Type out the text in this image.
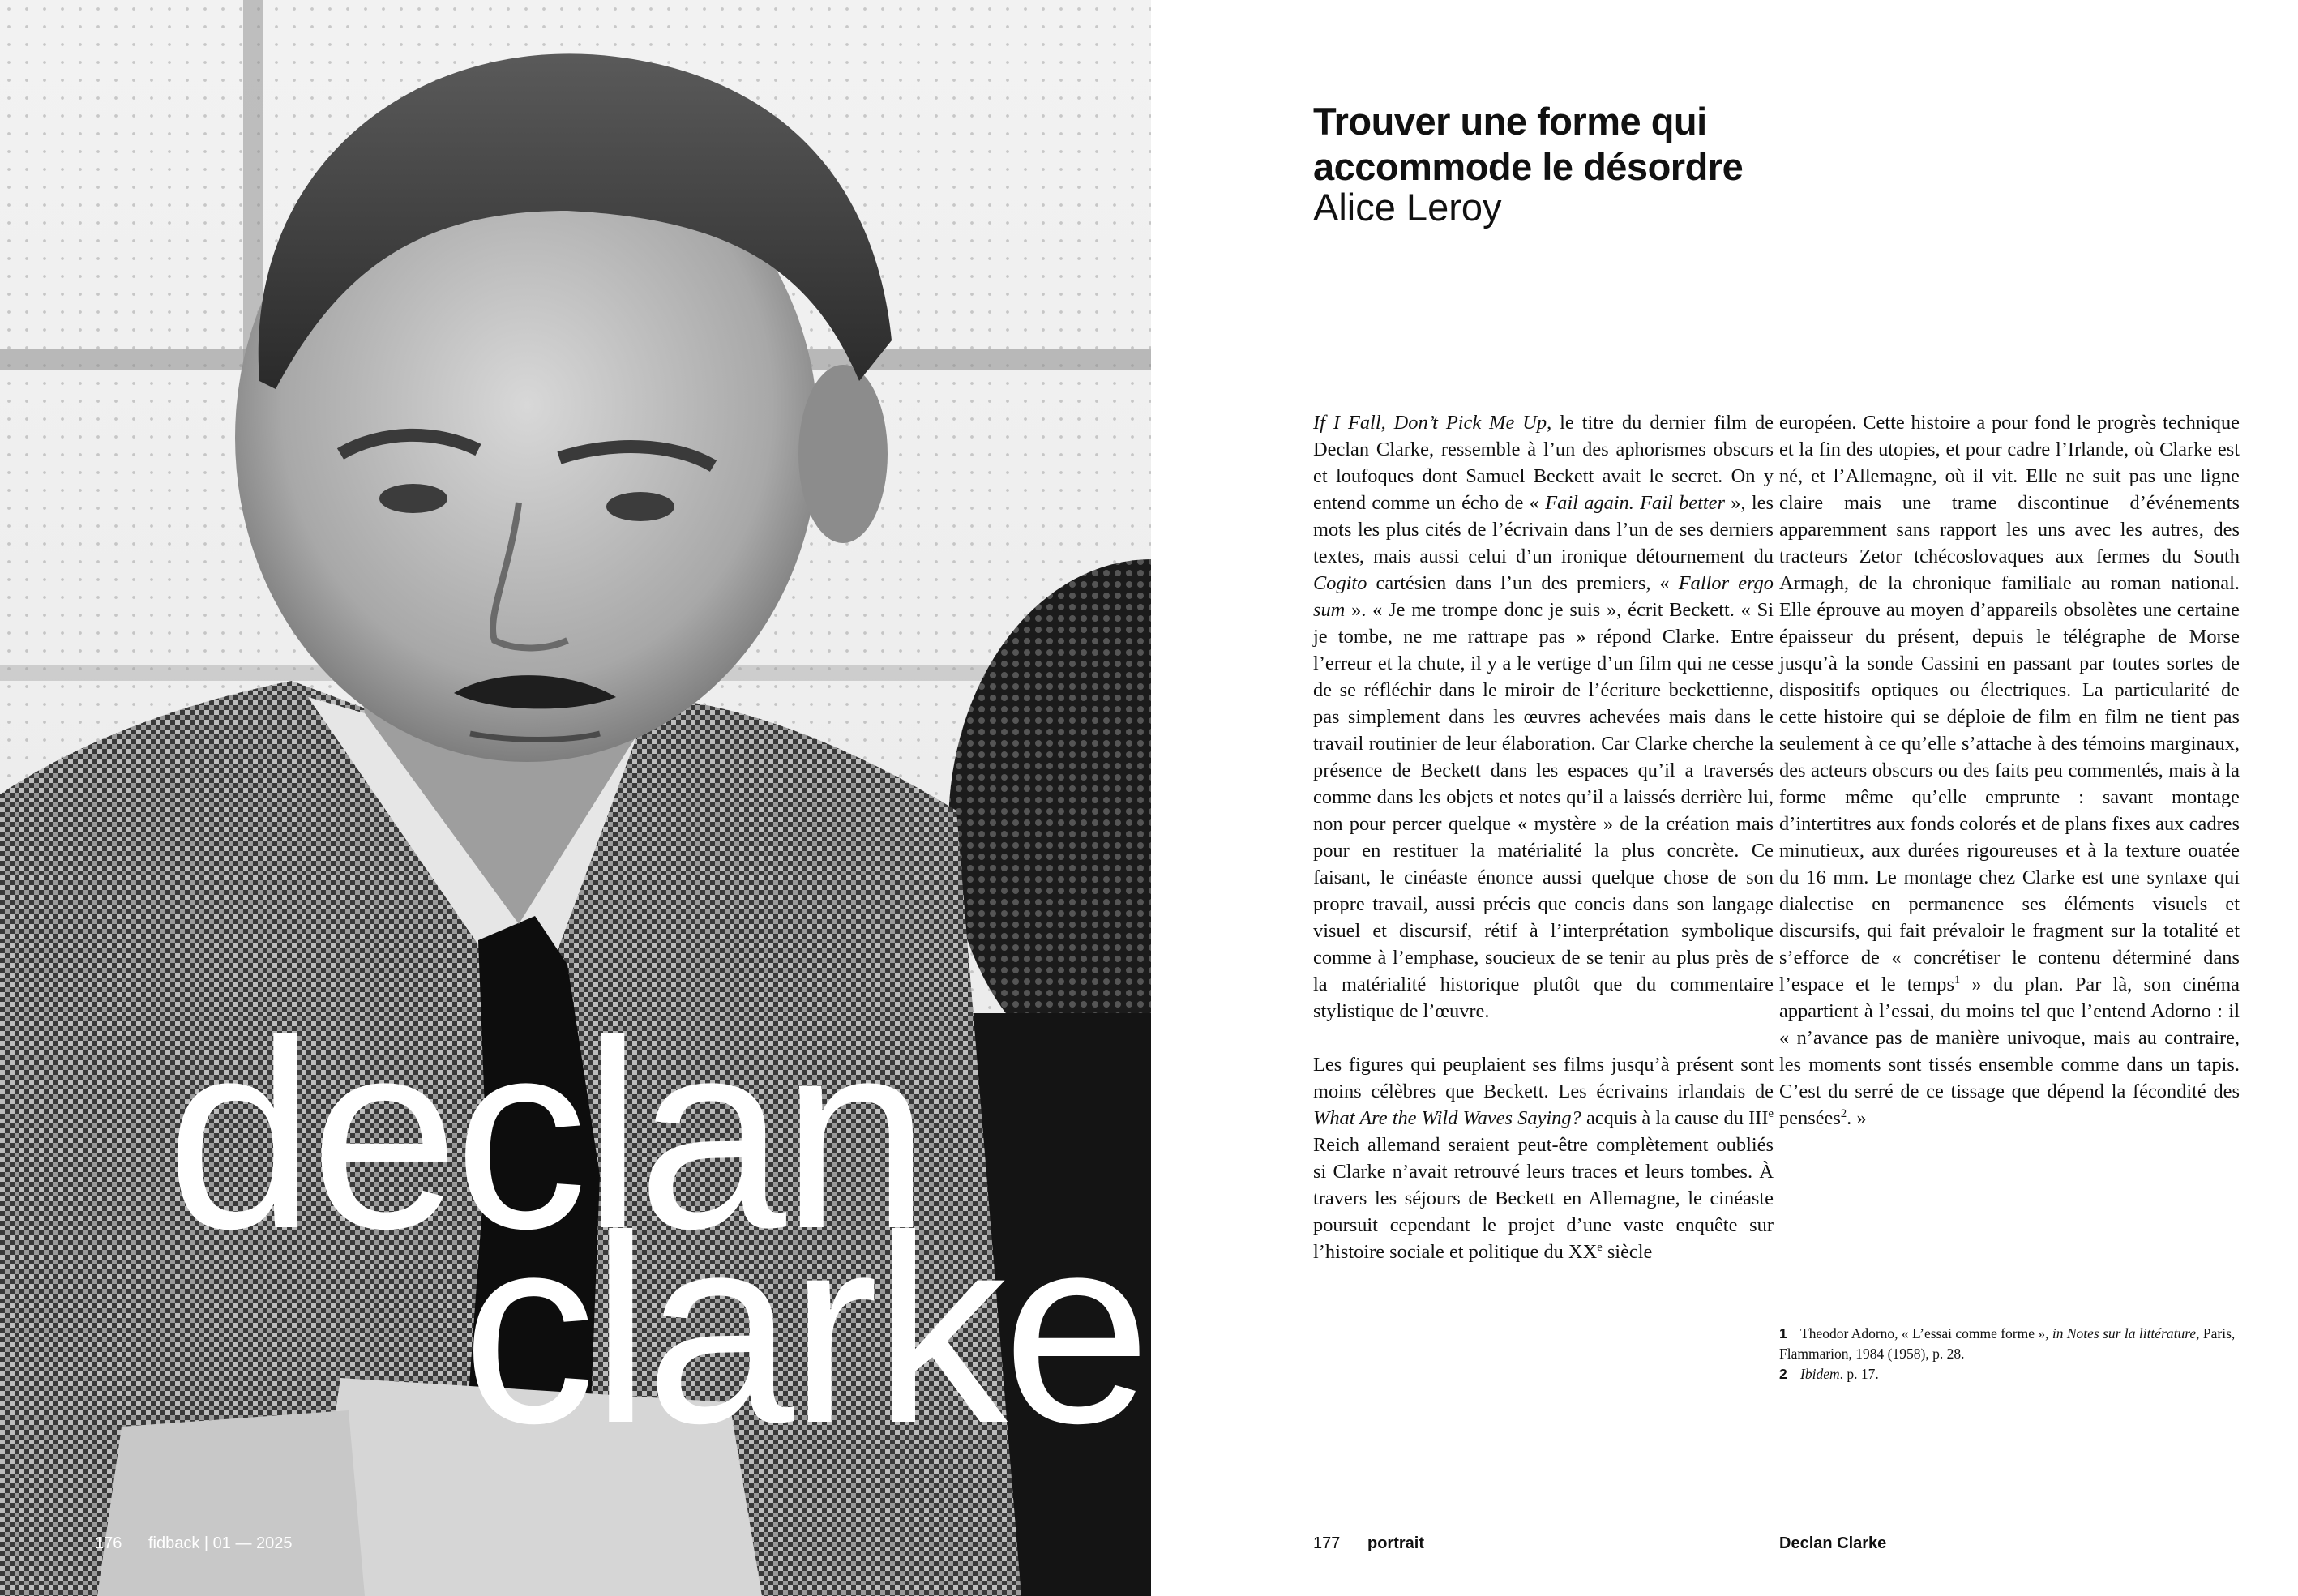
declan

clarke

176 fidback | 01 — 2025
Trouver une forme qui accommode le désordre
Alice Leroy

If I Fall, Don’t Pick Me Up, le titre du dernier film de Declan Clarke, ressemble à l’un des aphorismes obscurs et loufoques dont Samuel Beckett avait le secret. On y entend comme un écho de « Fail again. Fail better », les mots les plus cités de l’écrivain dans l’un de ses derniers textes, mais aussi celui d’un ironique détournement du Cogito cartésien dans l’un des premiers, « Fallor ergo sum ». « Je me trompe donc je suis », écrit Beckett. « Si je tombe, ne me rattrape pas » répond Clarke. Entre l’erreur et la chute, il y a le vertige d’un film qui ne cesse de se réfléchir dans le miroir de l’écriture beckettienne, pas simplement dans les œuvres achevées mais dans le travail routinier de leur élaboration. Car Clarke cherche la présence de Beckett dans les espaces qu’il a traversés comme dans les objets et notes qu’il a laissés derrière lui, non pour percer quelque « mystère » de la création mais pour en restituer la matérialité la plus concrète. Ce faisant, le cinéaste énonce aussi quelque chose de son propre travail, aussi précis que concis dans son langage visuel et discursif, rétif à l’interprétation symbolique comme à l’emphase, soucieux de se tenir au plus près de la matérialité historique plutôt que du commentaire stylistique de l’œuvre.

Les figures qui peuplaient ses films jusqu’à présent sont moins célèbres que Beckett. Les écrivains irlandais de What Are the Wild Waves Saying? acquis à la cause du IIIe Reich allemand seraient peut-être complètement oubliés si Clarke n’avait retrouvé leurs traces et leurs tombes. À travers les séjours de Beckett en Allemagne, le cinéaste poursuit cependant le projet d’une vaste enquête sur l’histoire sociale et politique du XXe siècle

européen. Cette histoire a pour fond le progrès technique et la fin des utopies, et pour cadre l’Irlande, où Clarke est né, et l’Allemagne, où il vit. Elle ne suit pas une ligne claire mais une trame discontinue d’événements apparemment sans rapport les uns avec les autres, des tracteurs Zetor tchécoslovaques aux fermes du South Armagh, de la chronique familiale au roman national. Elle éprouve au moyen d’appareils obsolètes une certaine épaisseur du présent, depuis le télégraphe de Morse jusqu’à la sonde Cassini en passant par toutes sortes de dispositifs optiques ou électriques. La particularité de cette histoire qui se déploie de film en film ne tient pas seulement à ce qu’elle s’attache à des témoins marginaux, des acteurs obscurs ou des faits peu commentés, mais à la forme même qu’elle emprunte : savant montage d’intertitres aux fonds colorés et de plans fixes aux cadres minutieux, aux durées rigoureuses et à la texture ouatée du 16 mm. Le montage chez Clarke est une syntaxe qui dialectise en permanence ses éléments visuels et discursifs, qui fait prévaloir le fragment sur la totalité et s’efforce de « concrétiser le contenu déterminé dans l’espace et le temps$^1$ » du plan. Par là, son cinéma appartient à l’essai, du moins tel que l’entend Adorno : il « n’avance pas de manière univoque, mais au contraire, les moments sont tissés ensemble comme dans un tapis. C’est du serré de ce tissage que dépend la fécondité des pensées$^2$. »

1 Theodor Adorno, « L’essai comme forme », in Notes sur la littérature, Paris, Flammarion, 1984 (1958), p. 28.

2 Ibidem. p. 17.

177 portrait	Declan Clarke
